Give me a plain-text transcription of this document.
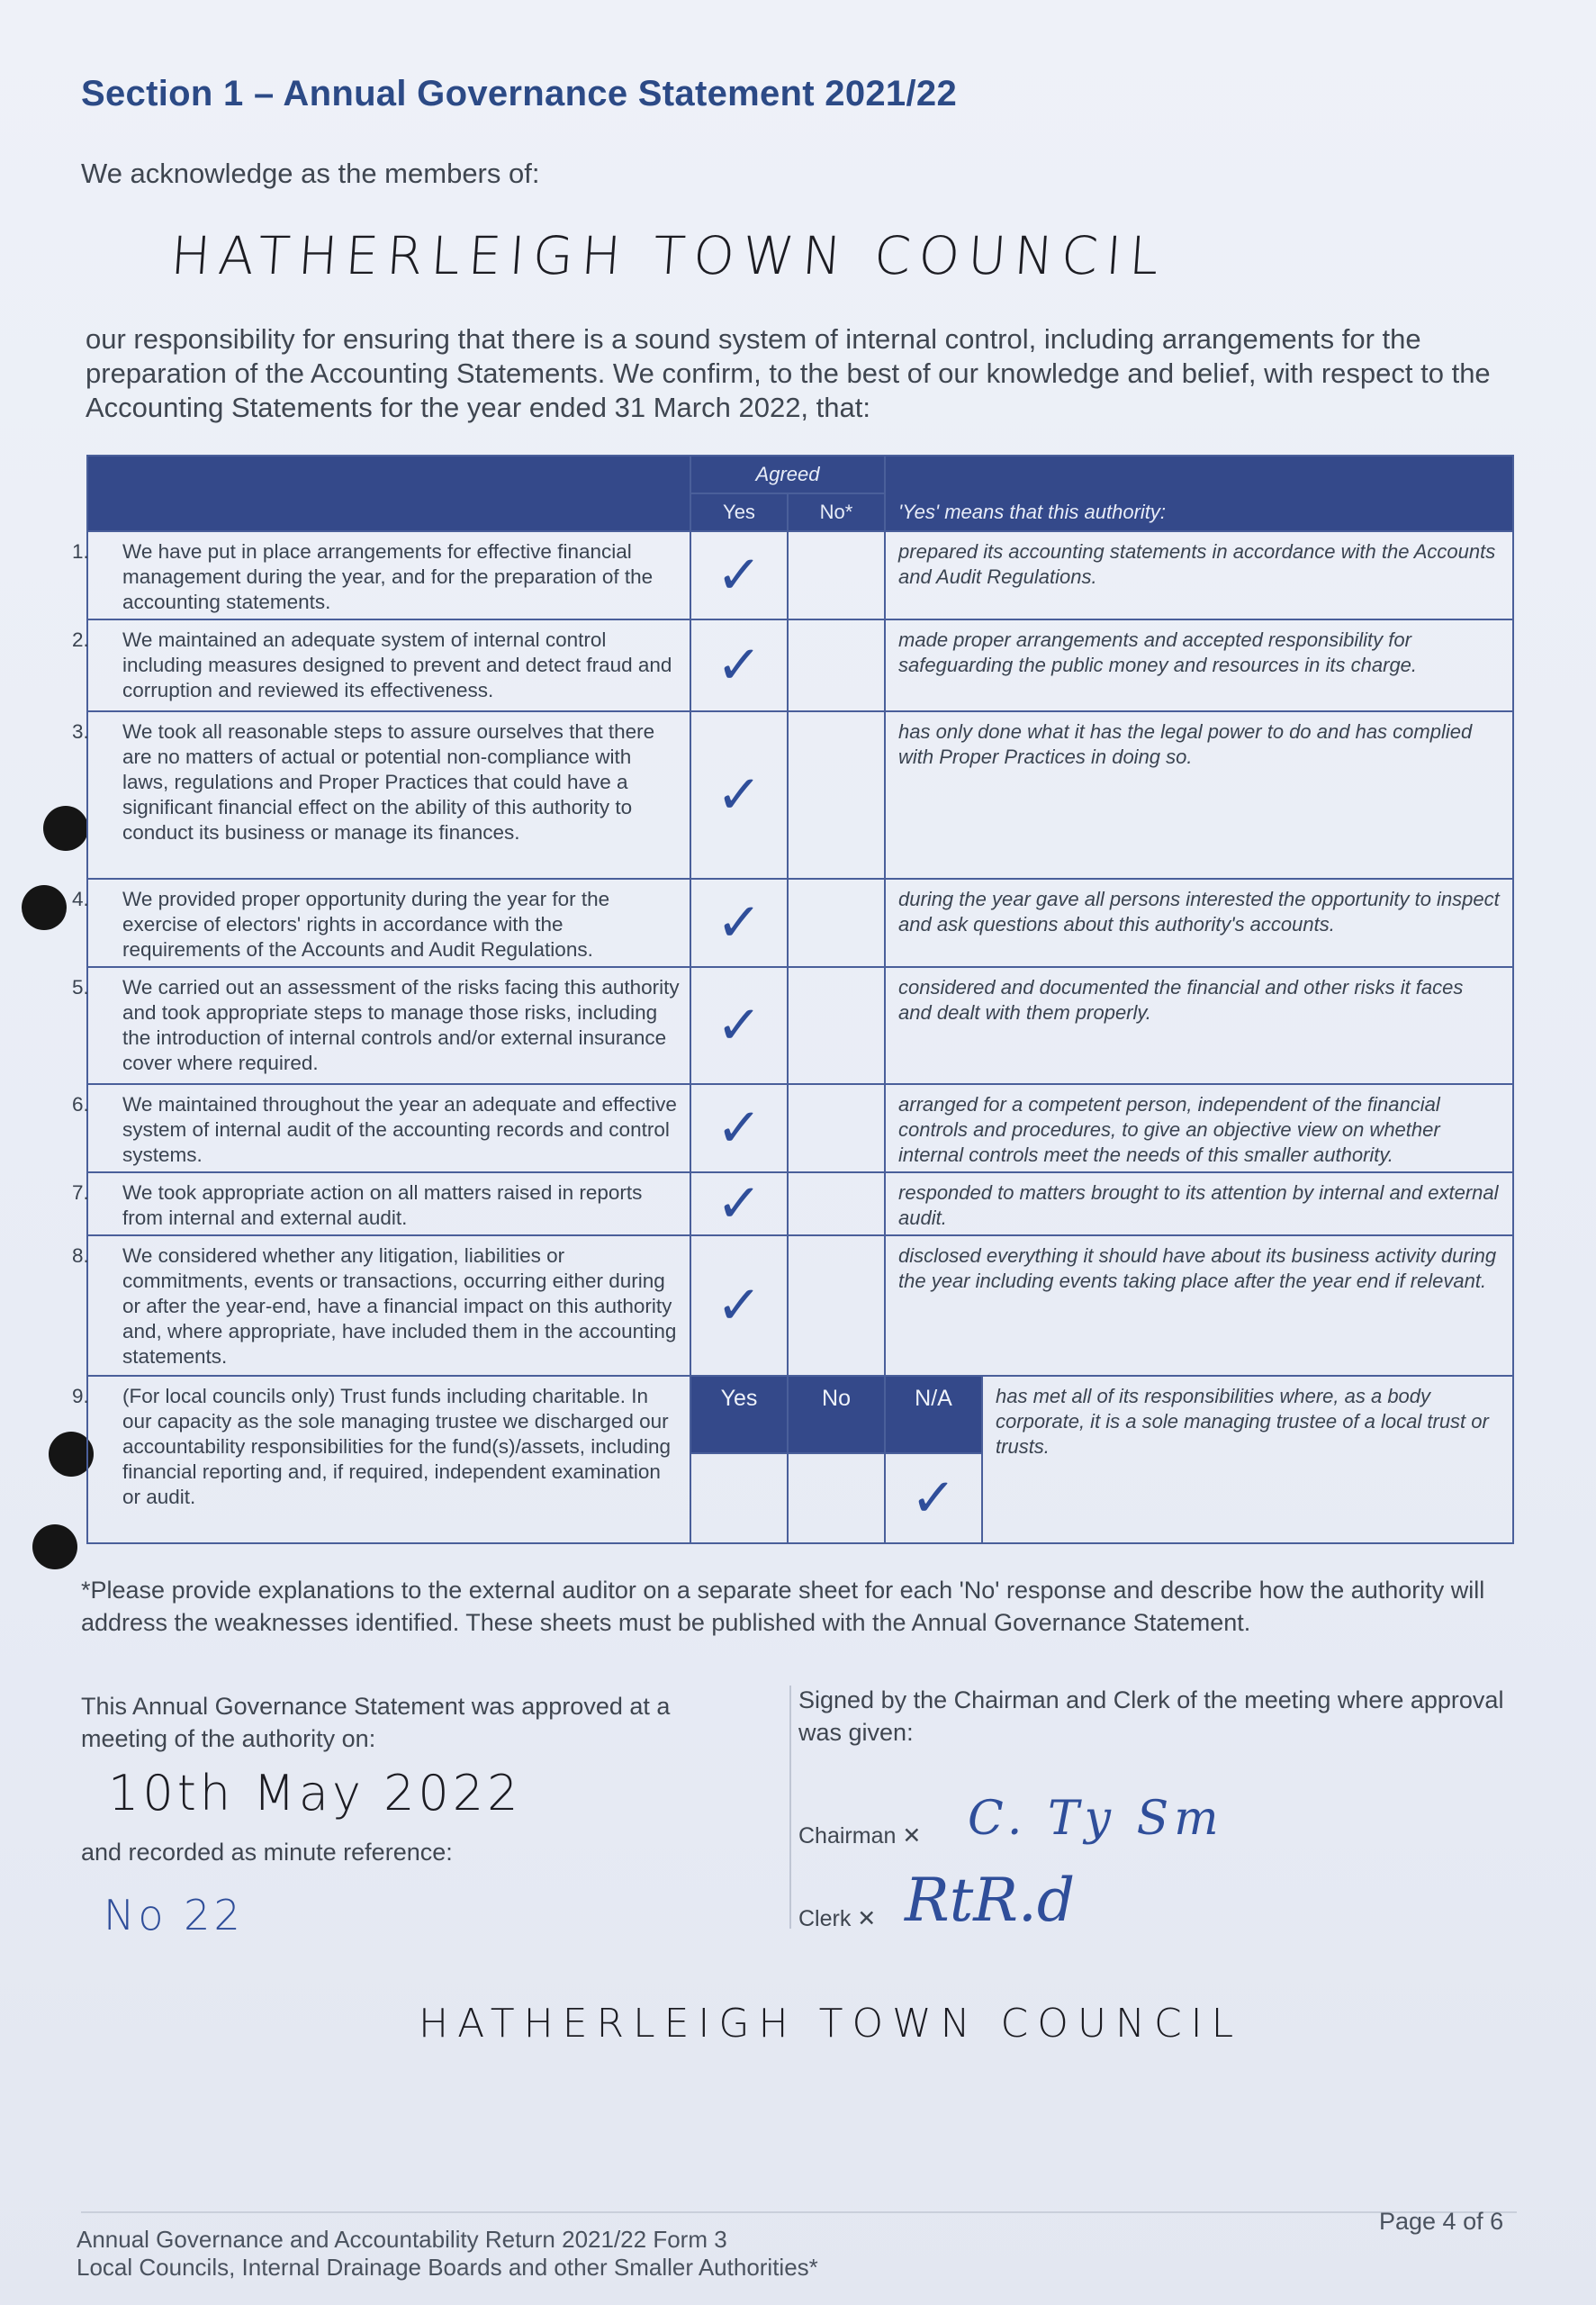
Section 1 – Annual Governance Statement 2021/22
We acknowledge as the members of:
HATHERLEIGH TOWN COUNCIL
our responsibility for ensuring that there is a sound system of internal control, including arrangements for the preparation of the Accounting Statements. We confirm, to the best of our knowledge and belief, with respect to the Accounting Statements for the year ended 31 March 2022, that:
	Agreed		'Yes' means that this authority:	
	Yes	No*		

1. We have put in place arrangements for effective financial management during the year, and for the preparation of the accounting statements.	✓		prepared its accounting statements in accordance with the Accounts and Audit Regulations.	

2. We maintained an adequate system of internal control including measures designed to prevent and detect fraud and corruption and reviewed its effectiveness.	✓		made proper arrangements and accepted responsibility for safeguarding the public money and resources in its charge.	

3. We took all reasonable steps to assure ourselves that there are no matters of actual or potential non-compliance with laws, regulations and Proper Practices that could have a significant financial effect on the ability of this authority to conduct its business or manage its finances.	✓		has only done what it has the legal power to do and has complied with Proper Practices in doing so.	

4. We provided proper opportunity during the year for the exercise of electors' rights in accordance with the requirements of the Accounts and Audit Regulations.	✓		during the year gave all persons interested the opportunity to inspect and ask questions about this authority's accounts.	

5. We carried out an assessment of the risks facing this authority and took appropriate steps to manage those risks, including the introduction of internal controls and/or external insurance cover where required.	✓		considered and documented the financial and other risks it faces and dealt with them properly.	

6. We maintained throughout the year an adequate and effective system of internal audit of the accounting records and control systems.	✓		arranged for a competent person, independent of the financial controls and procedures, to give an objective view on whether internal controls meet the needs of this smaller authority.	

7. We took appropriate action on all matters raised in reports from internal and external audit.	✓		responded to matters brought to its attention by internal and external audit.	

8. We considered whether any litigation, liabilities or commitments, events or transactions, occurring either during or after the year-end, have a financial impact on this authority and, where appropriate, have included them in the accounting statements.	✓		disclosed everything it should have about its business activity during the year including events taking place after the year end if relevant.	

9. (For local councils only) Trust funds including charitable. In our capacity as the sole managing trustee we discharged our accountability responsibilities for the fund(s)/assets, including financial reporting and, if required, independent examination or audit.	Yes	No	N/A	has met all of its responsibilities where, as a body corporate, it is a sole managing trustee of a local trust or trusts.

			✓	
*Please provide explanations to the external auditor on a separate sheet for each 'No' response and describe how the authority will address the weaknesses identified. These sheets must be published with the Annual Governance Statement.
This Annual Governance Statement was approved at a meeting of the authority on:
10th May 2022
and recorded as minute reference:
No 22
Signed by the Chairman and Clerk of the meeting where approval was given:
Chairman ✕
Clerk ✕
C. Ty Sm
RtR.d
HATHERLEIGH TOWN COUNCIL
Annual Governance and Accountability Return 2021/22 Form 3
Local Councils, Internal Drainage Boards and other Smaller Authorities*
Page 4 of 6
